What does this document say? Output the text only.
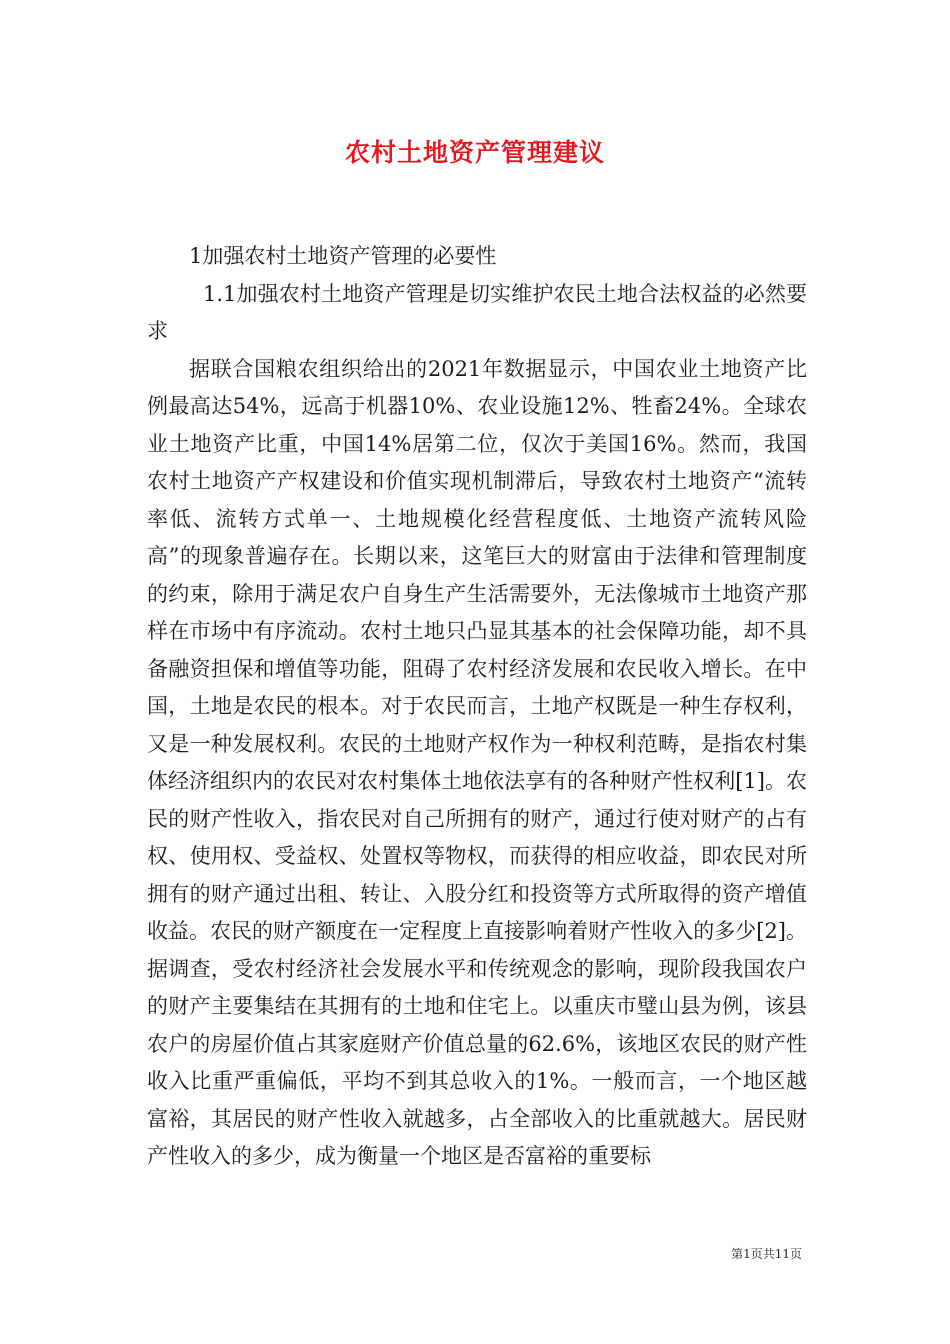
农村土地资产管理建议

1加强农村土地资产管理的必要性

1.1加强农村土地资产管理是切实维护农民土地合法权益的必然要求

据联合国粮农组织给出的2021年数据显示，中国农业土地资产比例最高达54%，远高于机器10%、农业设施12%、牲畜24%。全球农业土地资产比重，中国14%居第二位，仅次于美国16%。然而，我国农村土地资产产权建设和价值实现机制滞后，导致农村土地资产“流转率低、流转方式单一、土地规模化经营程度低、土地资产流转风险高”的现象普遍存在。长期以来，这笔巨大的财富由于法律和管理制度的约束，除用于满足农户自身生产生活需要外，无法像城市土地资产那样在市场中有序流动。农村土地只凸显其基本的社会保障功能，却不具备融资担保和增值等功能，阻碍了农村经济发展和农民收入增长。在中国，土地是农民的根本。对于农民而言，土地产权既是一种生存权利，又是一种发展权利。农民的土地财产权作为一种权利范畴，是指农村集体经济组织内的农民对农村集体土地依法享有的各种财产性权利[1]。农民的财产性收入，指农民对自己所拥有的财产，通过行使对财产的占有权、使用权、受益权、处置权等物权，而获得的相应收益，即农民对所拥有的财产通过出租、转让、入股分红和投资等方式所取得的资产增值收益。农民的财产额度在一定程度上直接影响着财产性收入的多少[2]。据调查，受农村经济社会发展水平和传统观念的影响，现阶段我国农户的财产主要集结在其拥有的土地和住宅上。以重庆市璧山县为例，该县农户的房屋价值占其家庭财产价值总量的62.6%，该地区农民的财产性收入比重严重偏低，平均不到其总收入的1%。一般而言，一个地区越富裕，其居民的财产性收入就越多，占全部收入的比重就越大。居民财产性收入的多少，成为衡量一个地区是否富裕的重要标

第1页共11页
